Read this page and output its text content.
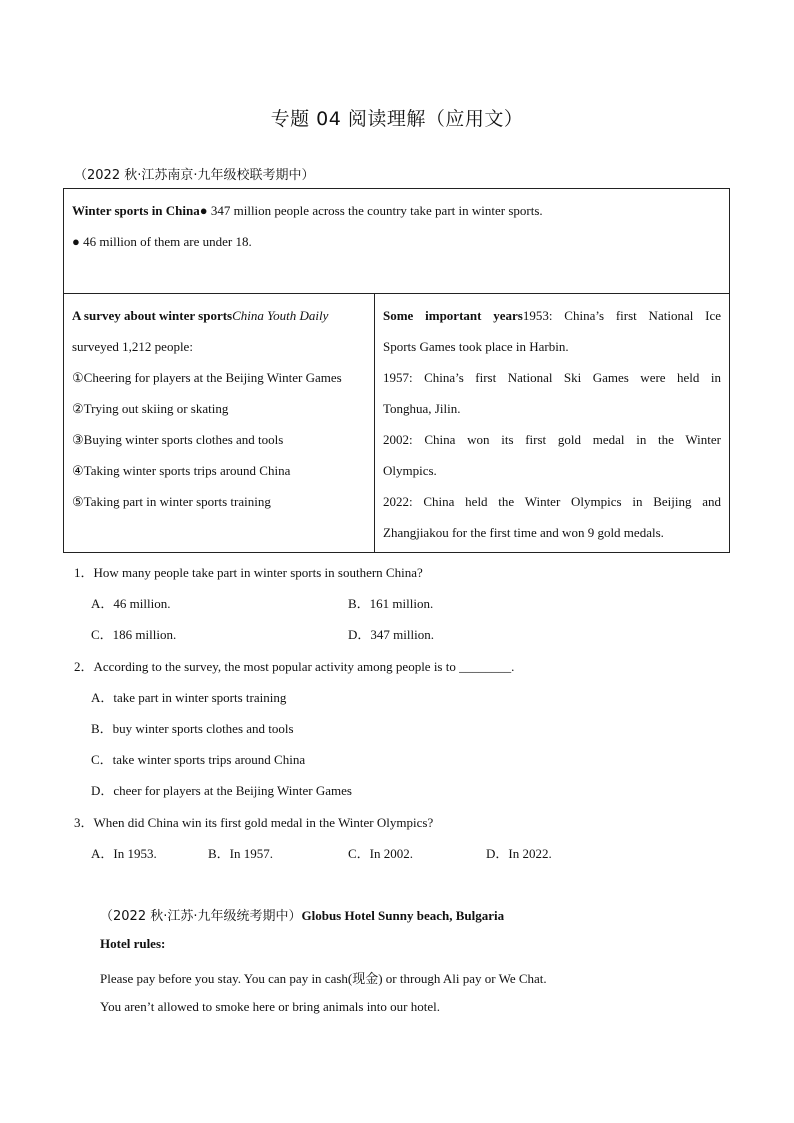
专题 04 阅读理解（应用文）
（2022 秋·江苏南京·九年级校联考期中）
Winter sports in China● 347 million people across the country take part in winter sports.
● 46 million of them are under 18.

A survey about winter sportsChina Youth Daily
surveyed 1,212 people:
①Cheering for players at the Beijing Winter Games
②Trying out skiing or skating
③Buying winter sports clothes and tools
④Taking winter sports trips around China
⑤Taking part in winter sports training

Some important years1953: China’s first National Ice
Sports Games took place in Harbin.
1957: China’s first National Ski Games were held in
Tonghua, Jilin.
2002: China won its first gold medal in the Winter
Olympics.
2022: China held the Winter Olympics in Beijing and
Zhangjiakou for the first time and won 9 gold medals.
1．How many people take part in winter sports in southern China?
A．46 million.	B．161 million.
C．186 million.	D．347 million.
2．According to the survey, the most popular activity among people is to ________.
A．take part in winter sports training
B．buy winter sports clothes and tools
C．take winter sports trips around China
D．cheer for players at the Beijing Winter Games
3．When did China win its first gold medal in the Winter Olympics?
A．In 1953.	B．In 1957.	C．In 2002.	D．In 2022.
（2022 秋·江苏·九年级统考期中）Globus Hotel Sunny beach, Bulgaria
Hotel rules:
Please pay before you stay. You can pay in cash(现金) or through Ali pay or We Chat.
You aren’t allowed to smoke here or bring animals into our hotel.
